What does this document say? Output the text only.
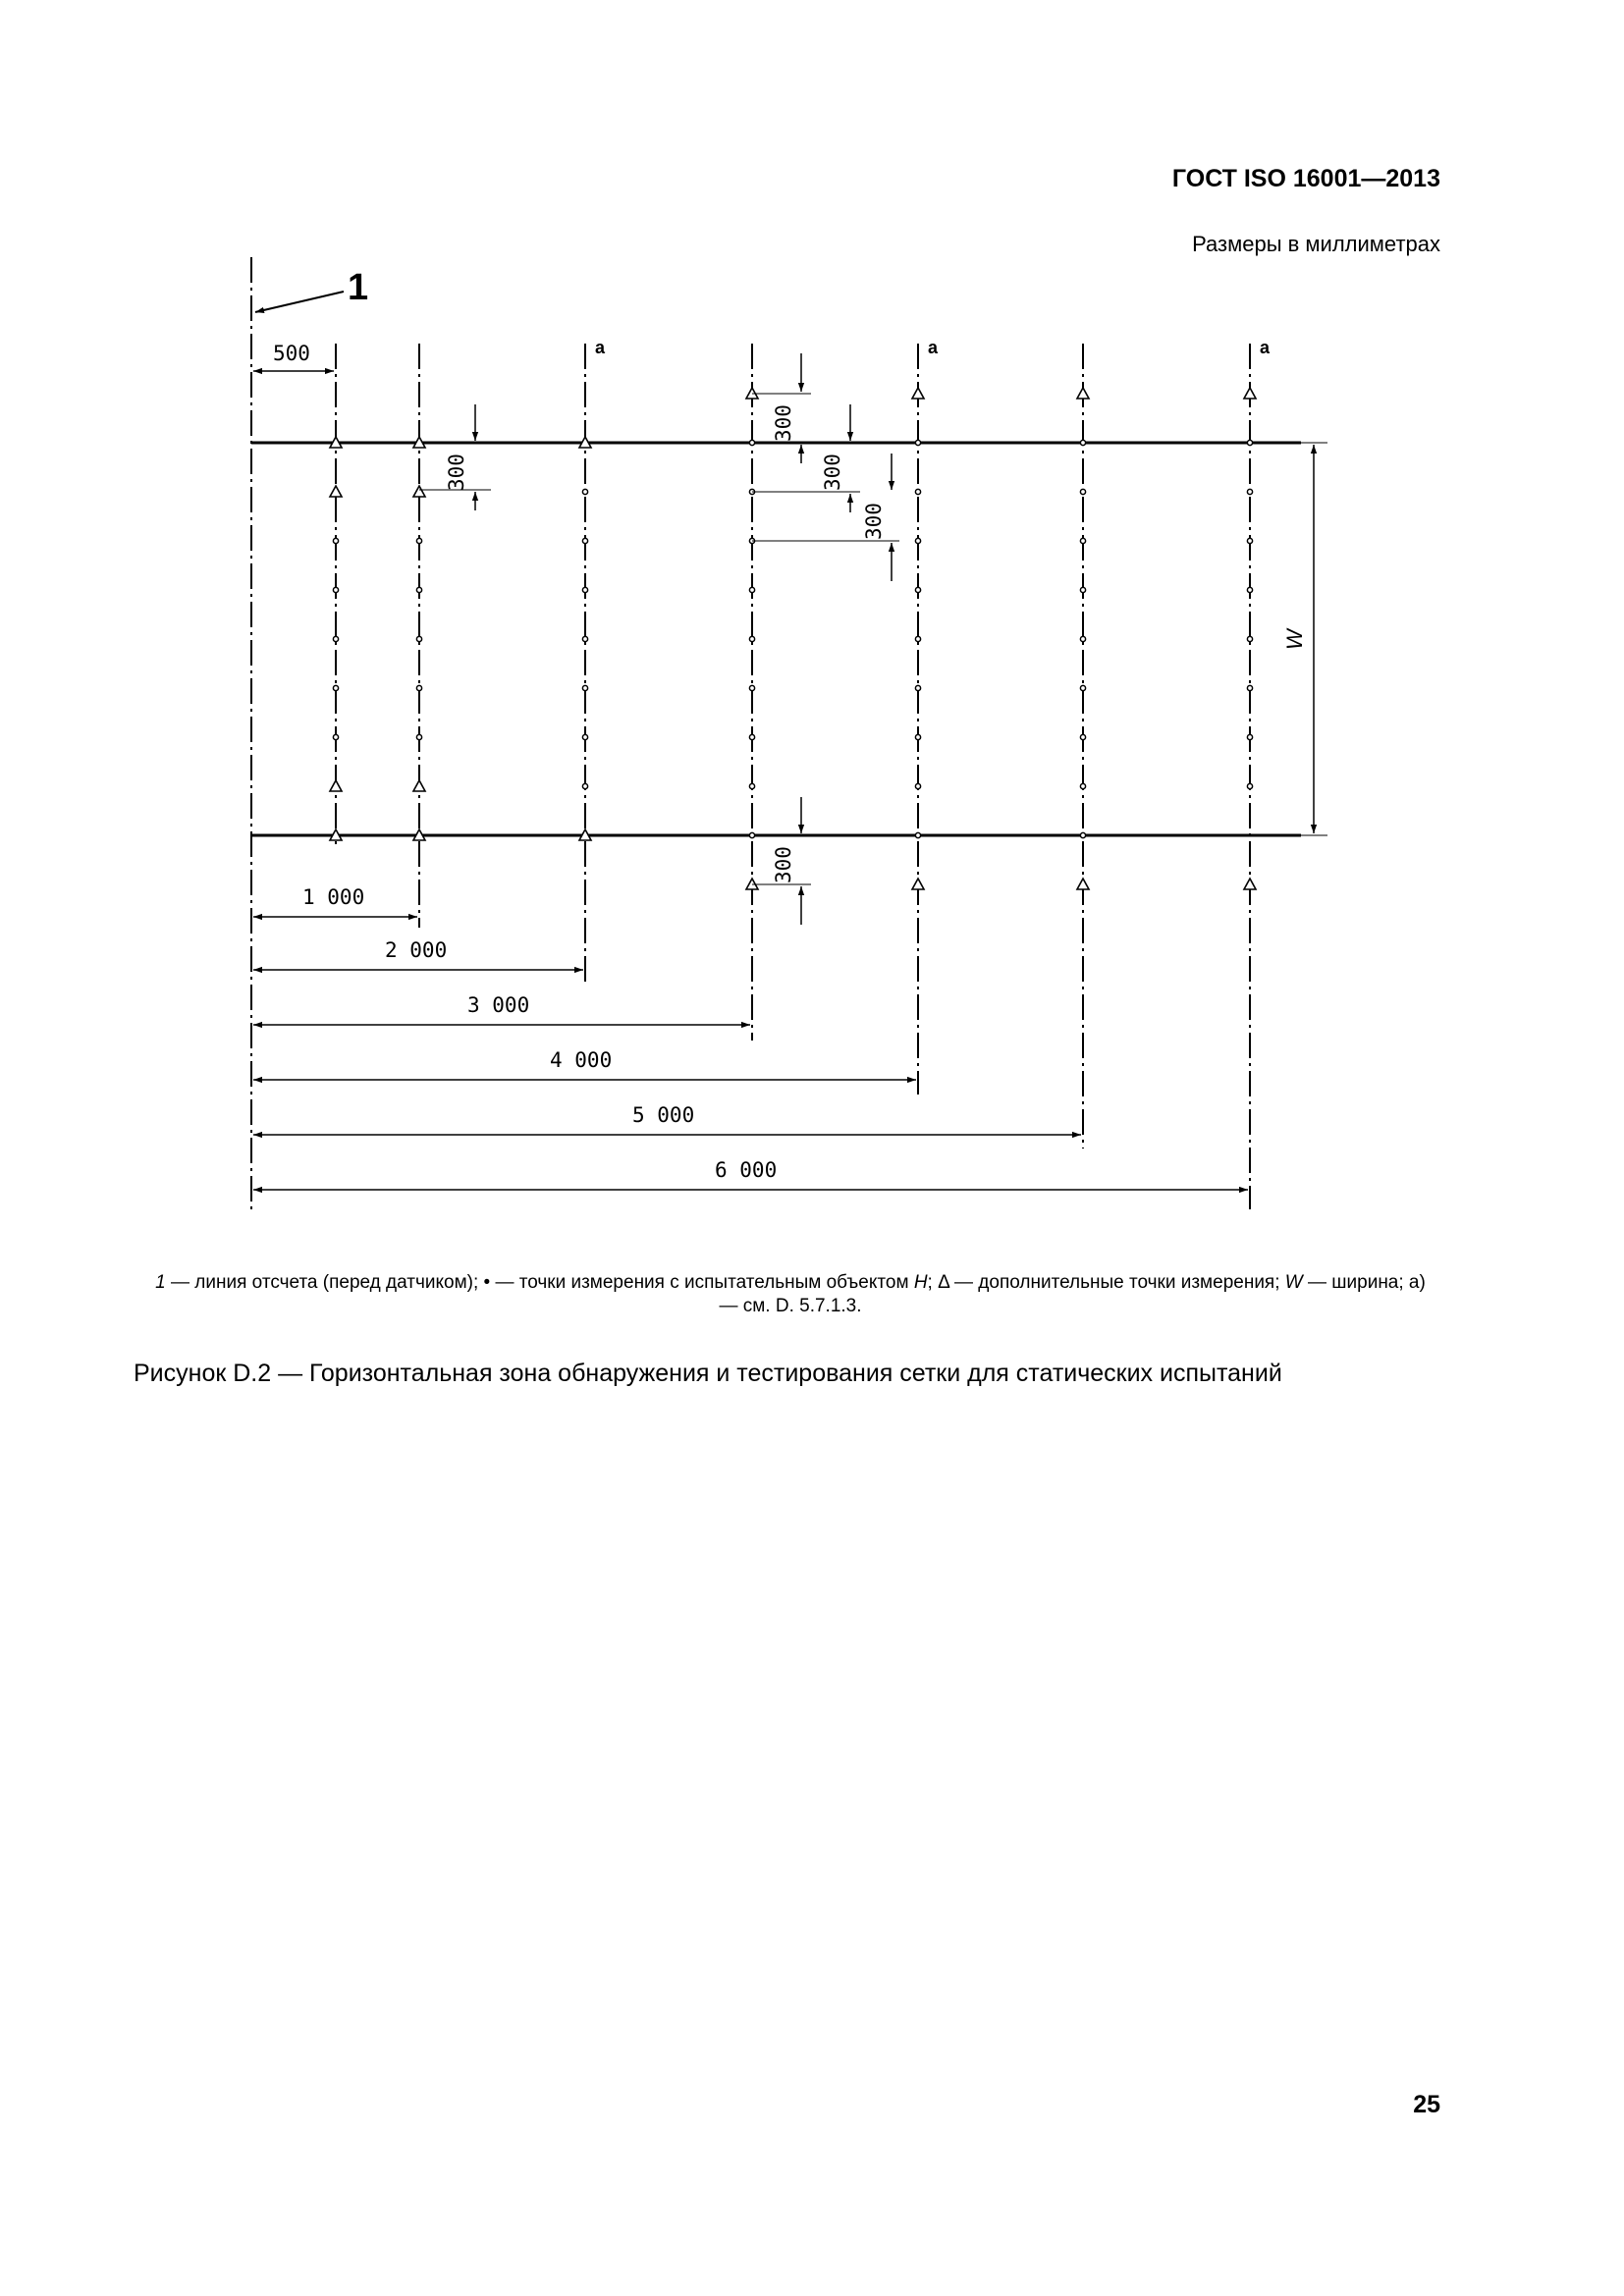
ГОСТ ISO 16001—2013
Размеры в миллиметрах
1
a	a	a
500
300
300
300
300
300
W
1 000
2 000
3 000
4 000
5 000
6 000
1 — линия отсчета (перед датчиком); • — точки измерения с испытательным объектом H; Δ — дополнительные точки измерения; W — ширина; a) — см. D. 5.7.1.3.
Рисунок D.2 — Горизонтальная зона обнаружения и тестирования сетки для статических испытаний
25
